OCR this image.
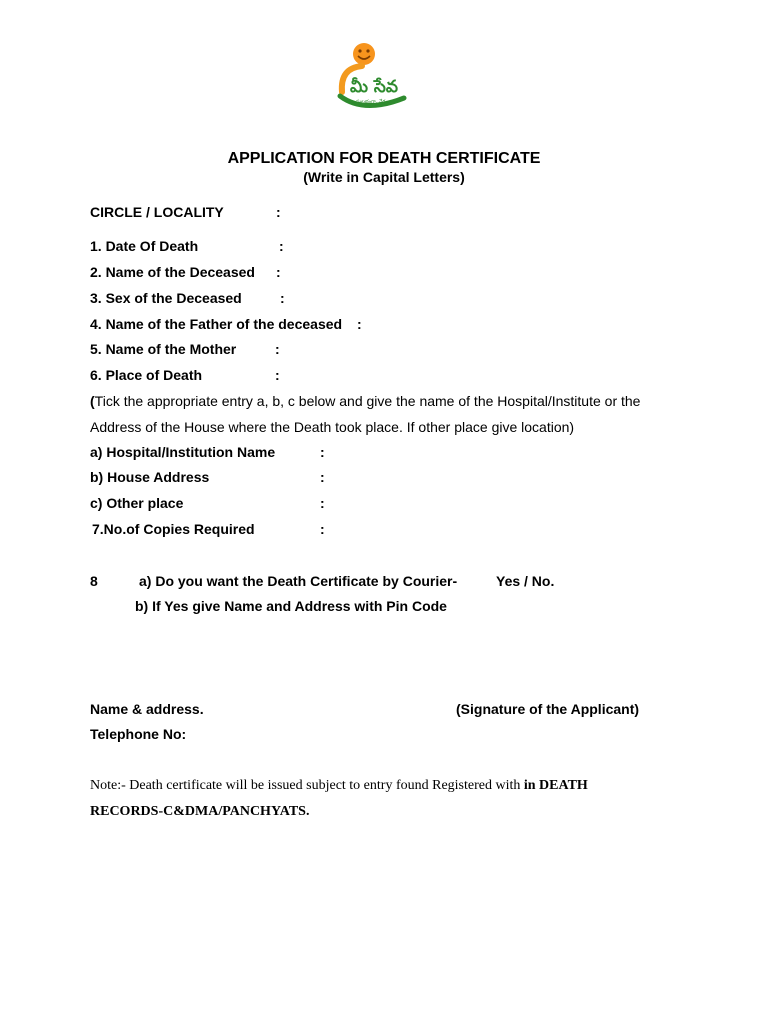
మీ సేవ
సులభంగా, వేగంగా
APPLICATION FOR DEATH CERTIFICATE
(Write in Capital Letters)
CIRCLE / LOCALITY	:
1. Date Of Death	:
2. Name of the Deceased :
3. Sex of the Deceased	:
4. Name of the Father of the deceased :
5. Name of the Mother	:
6. Place of Death	:
(Tick the appropriate entry a, b, c below and give the name of the Hospital/Institute or the
Address of the House where the Death took place. If other place give location)
a) Hospital/Institution Name	:
b) House Address	:
c) Other place	:
7.No.of Copies Required	:
8	a) Do you want the Death Certificate by Courier-	Yes / No.
b) If Yes give Name and Address with Pin Code
Name & address.	(Signature of the Applicant)
Telephone No:
Note:- Death certificate will be issued subject to entry found Registered with in DEATH
RECORDS-C&DMA/PANCHYATS.
